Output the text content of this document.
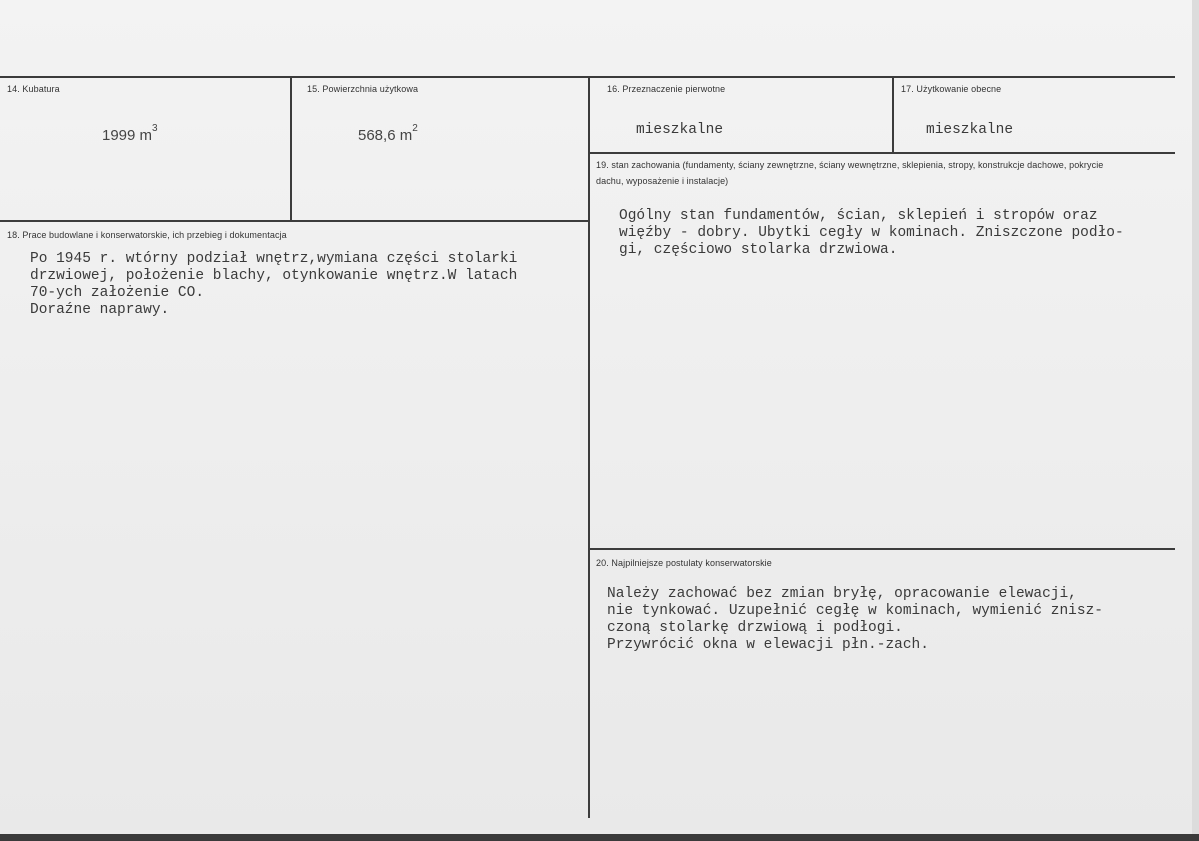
14. Kubatura
1999 $m^3$
15. Powierzchnia użytkowa
568,6 $m^2$
16. Przeznaczenie pierwotne
mieszkalne
17. Użytkowanie obecne
mieszkalne
18. Prace budowlane i konserwatorskie, ich przebieg i dokumentacja
Po 1945 r. wtórny podział wnętrz,wymiana części stolarki
drzwiowej, położenie blachy, otynkowanie wnętrz.W latach
70-ych założenie CO.
Doraźne naprawy.
19. stan zachowania (fundamenty, ściany zewnętrzne, ściany wewnętrzne, sklepienia, stropy, konstrukcje dachowe, pokrycie dachu, wyposażenie i instalacje)
Ogólny stan fundamentów, ścian, sklepień i stropów oraz
więźby - dobry. Ubytki cegły w kominach. Zniszczone podło-
gi, częściowo stolarka drzwiowa.
20. Najpilniejsze postulaty konserwatorskie
Należy zachować bez zmian bryłę, opracowanie elewacji,
nie tynkować. Uzupełnić cegłę w kominach, wymienić znisz-
czoną stolarkę drzwiową i podłogi.
Przywrócić okna w elewacji płn.-zach.
